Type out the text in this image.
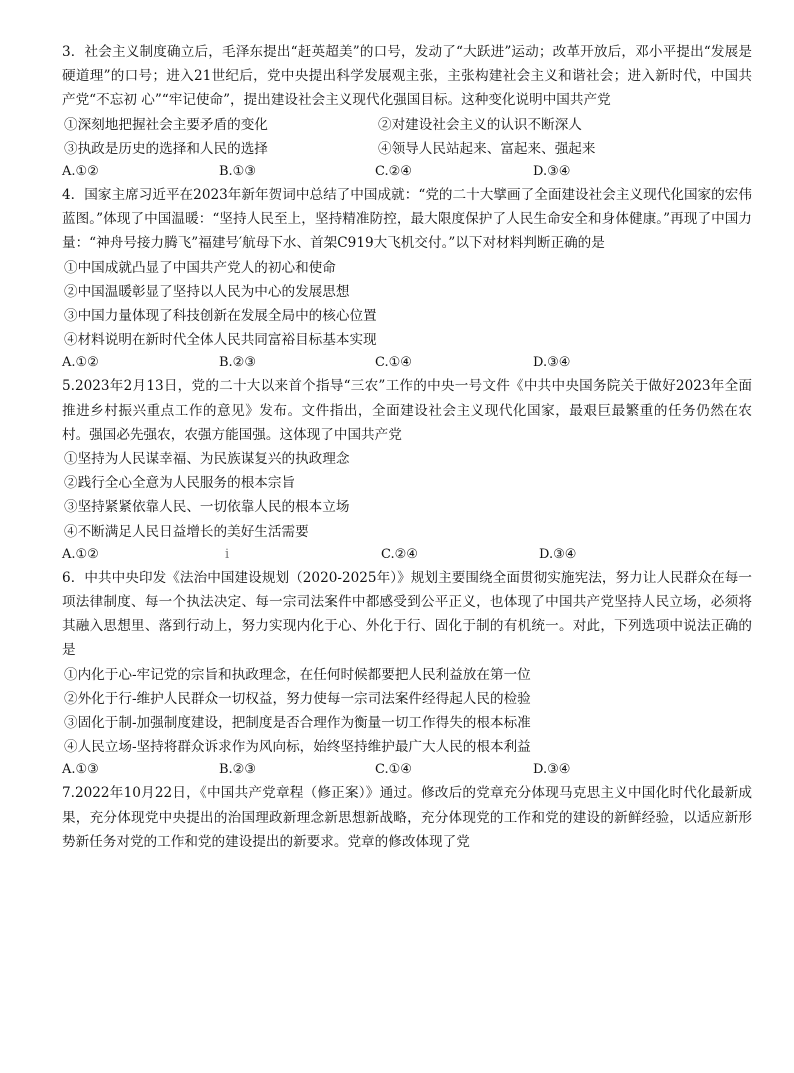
3．社会主义制度确立后，毛泽东提出“赶英超美”的口号，发动了“大跃进”运动；改革开放后，邓小平提出“发展是硬道理”的口号；进入21世纪后，党中央提出科学发展观主张，主张构建社会主义和谐社会；进入新时代，中国共产党“不忘初 心”“牢记使命”，提出建设社会主义现代化强国目标。这种变化说明中国共产党
①深刻地把握社会主要矛盾的变化	②对建设社会主义的认识不断深人
③执政是历史的选择和人民的选择	④领导人民站起来、富起来、强起来
A.①②	B.①③	C.②④	D.③④
4．国家主席习近平在2023年新年贺词中总结了中国成就：“党的二十大擘画了全面建设社会主义现代化国家的宏伟蓝图。”体现了中国温暖：“坚持人民至上，坚持精准防控，最大限度保护了人民生命安全和身体健康。”再现了中国力量：“神舟号接力腾飞”福建号′航母下水、首架C919大飞机交付。”以下对材料判断正确的是
①中国成就凸显了中国共产党人的初心和使命
②中国温暖彰显了坚持以人民为中心的发展思想
③中国力量体现了科技创新在发展全局中的核心位置
④材料说明在新时代全体人民共同富裕目标基本实现
A.①②	B.②③	C.①④	D.③④
5.2023年2月13日，党的二十大以来首个指导“三农”工作的中央一号文件《中共中央国务院关于做好2023年全面推进乡村振兴重点工作的意见》发布。文件指出，全面建设社会主义现代化国家，最艰巨最繁重的任务仍然在农村。强国必先强农，农强方能国强。这体现了中国共产党
①坚持为人民谋幸福、为民族谋复兴的执政理念
②践行全心全意为人民服务的根本宗旨
③坚持紧紧依靠人民、一切依靠人民的根本立场
④不断满足人民日益增长的美好生活需要
A.①②	i	C.②④	D.③④
6．中共中央印发《法治中国建设规划（2020-2025年）》规划主要围绕全面贯彻实施宪法，努力让人民群众在每一项法律制度、每一个执法决定、每一宗司法案件中都感受到公平正义，也体现了中国共产党坚持人民立场，必须将其融入思想里、落到行动上，努力实现内化于心、外化于行、固化于制的有机统一。对此，下列选项中说法正确的是
①内化于心-牢记党的宗旨和执政理念，在任何时候都要把人民利益放在第一位
②外化于行-维护人民群众一切权益，努力使每一宗司法案件经得起人民的检验
③固化于制-加强制度建设，把制度是否合理作为衡量一切工作得失的根本标准
④人民立场-坚持将群众诉求作为风向标，始终坚持维护最广大人民的根本利益
A.①③	B.②③	C.①④	D.③④
7.2022年10月22日，《中国共产党章程（修正案）》通过。修改后的党章充分体现马克思主义中国化时代化最新成果，充分体现党中央提出的治国理政新理念新思想新战略，充分体现党的工作和党的建设的新鲜经验，以适应新形势新任务对党的工作和党的建设提出的新要求。党章的修改体现了党
